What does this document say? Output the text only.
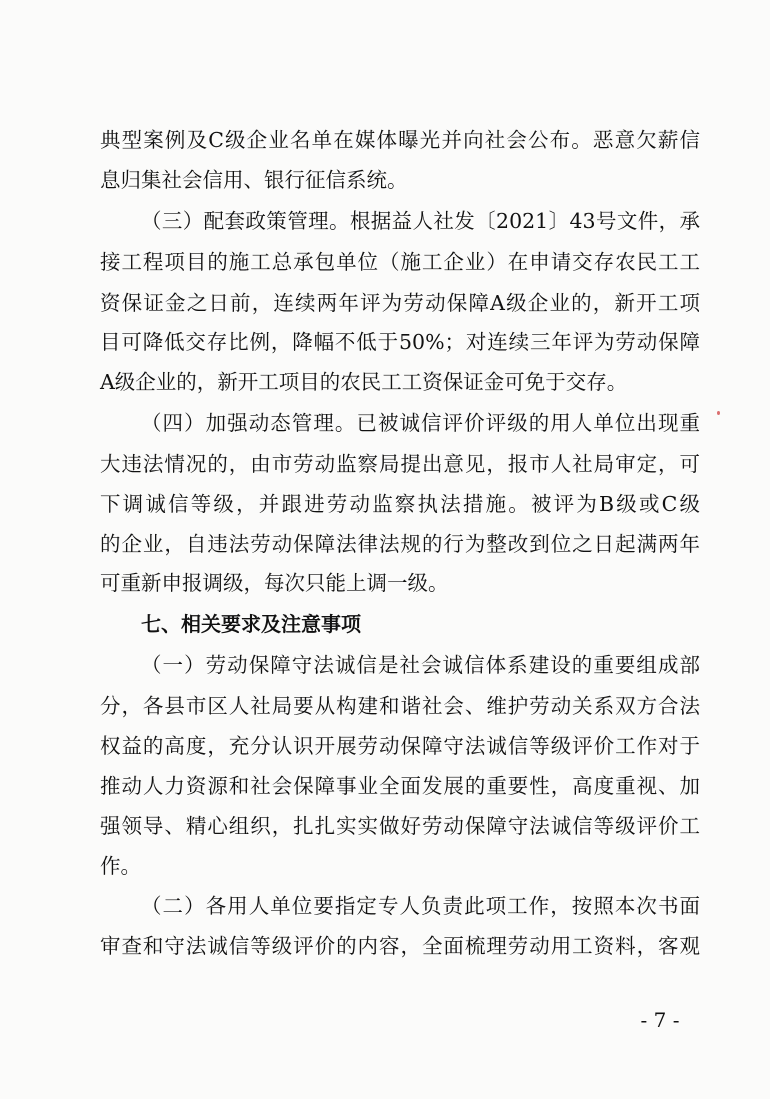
典型案例及C级企业名单在媒体曝光并向社会公布。恶意欠薪信
息归集社会信用、银行征信系统。
（三）配套政策管理。根据益人社发〔2021〕43号文件，承
接工程项目的施工总承包单位（施工企业）在申请交存农民工工
资保证金之日前，连续两年评为劳动保障A级企业的，新开工项
目可降低交存比例，降幅不低于50%；对连续三年评为劳动保障
A级企业的，新开工项目的农民工工资保证金可免于交存。
（四）加强动态管理。已被诚信评价评级的用人单位出现重
大违法情况的，由市劳动监察局提出意见，报市人社局审定，可
下调诚信等级，并跟进劳动监察执法措施。被评为B级或C级
的企业，自违法劳动保障法律法规的行为整改到位之日起满两年
可重新申报调级，每次只能上调一级。
七、相关要求及注意事项
（一）劳动保障守法诚信是社会诚信体系建设的重要组成部
分，各县市区人社局要从构建和谐社会、维护劳动关系双方合法
权益的高度，充分认识开展劳动保障守法诚信等级评价工作对于
推动人力资源和社会保障事业全面发展的重要性，高度重视、加
强领导、精心组织，扎扎实实做好劳动保障守法诚信等级评价工
作。
（二）各用人单位要指定专人负责此项工作，按照本次书面
审查和守法诚信等级评价的内容，全面梳理劳动用工资料，客观
- 7 -
